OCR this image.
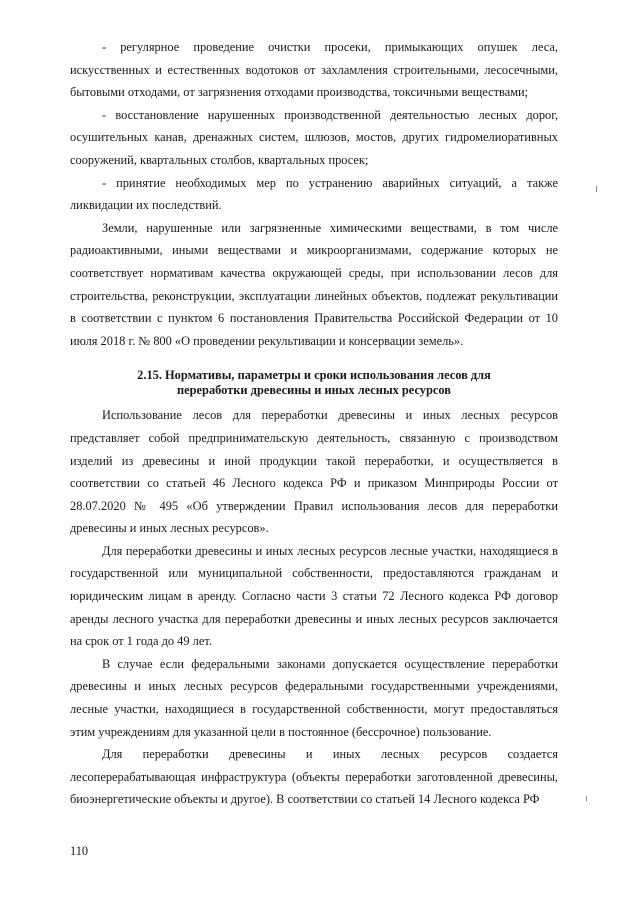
- регулярное проведение очистки просеки, примыкающих опушек леса, искусственных и естественных водотоков от захламления строительными, лесосечными, бытовыми отходами, от загрязнения отходами производства, токсичными веществами;

- восстановление нарушенных производственной деятельностью лесных дорог, осушительных канав, дренажных систем, шлюзов, мостов, других гидромелиоративных сооружений, квартальных столбов, квартальных просек;

- принятие необходимых мер по устранению аварийных ситуаций, а также ликвидации их последствий.

Земли, нарушенные или загрязненные химическими веществами, в том числе радиоактивными, иными веществами и микроорганизмами, содержание которых не соответствует нормативам качества окружающей среды, при использовании лесов для строительства, реконструкции, эксплуатации линейных объектов, подлежат рекультивации в соответствии с пунктом 6 постановления Правительства Российской Федерации от 10 июля 2018 г. № 800 «О проведении рекультивации и консервации земель».

2.15. Нормативы, параметры и сроки использования лесов для
переработки древесины и иных лесных ресурсов

Использование лесов для переработки древесины и иных лесных ресурсов представляет собой предпринимательскую деятельность, связанную с производством изделий из древесины и иной продукции такой переработки, и осуществляется в соответствии со статьей 46 Лесного кодекса РФ и приказом Минприроды России от 28.07.2020 № 495 «Об утверждении Правил использования лесов для переработки древесины и иных лесных ресурсов».

Для переработки древесины и иных лесных ресурсов лесные участки, находящиеся в государственной или муниципальной собственности, предоставляются гражданам и юридическим лицам в аренду. Согласно части 3 статьи 72 Лесного кодекса РФ договор аренды лесного участка для переработки древесины и иных лесных ресурсов заключается на срок от 1 года до 49 лет.

В случае если федеральными законами допускается осуществление переработки древесины и иных лесных ресурсов федеральными государственными учреждениями, лесные участки, находящиеся в государственной собственности, могут предоставляться этим учреждениям для указанной цели в постоянное (бессрочное) пользование.

Для переработки древесины и иных лесных ресурсов создается лесоперерабатывающая инфраструктура (объекты переработки заготовленной древесины, биоэнергетические объекты и другое). В соответствии со статьей 14 Лесного кодекса РФ

110
